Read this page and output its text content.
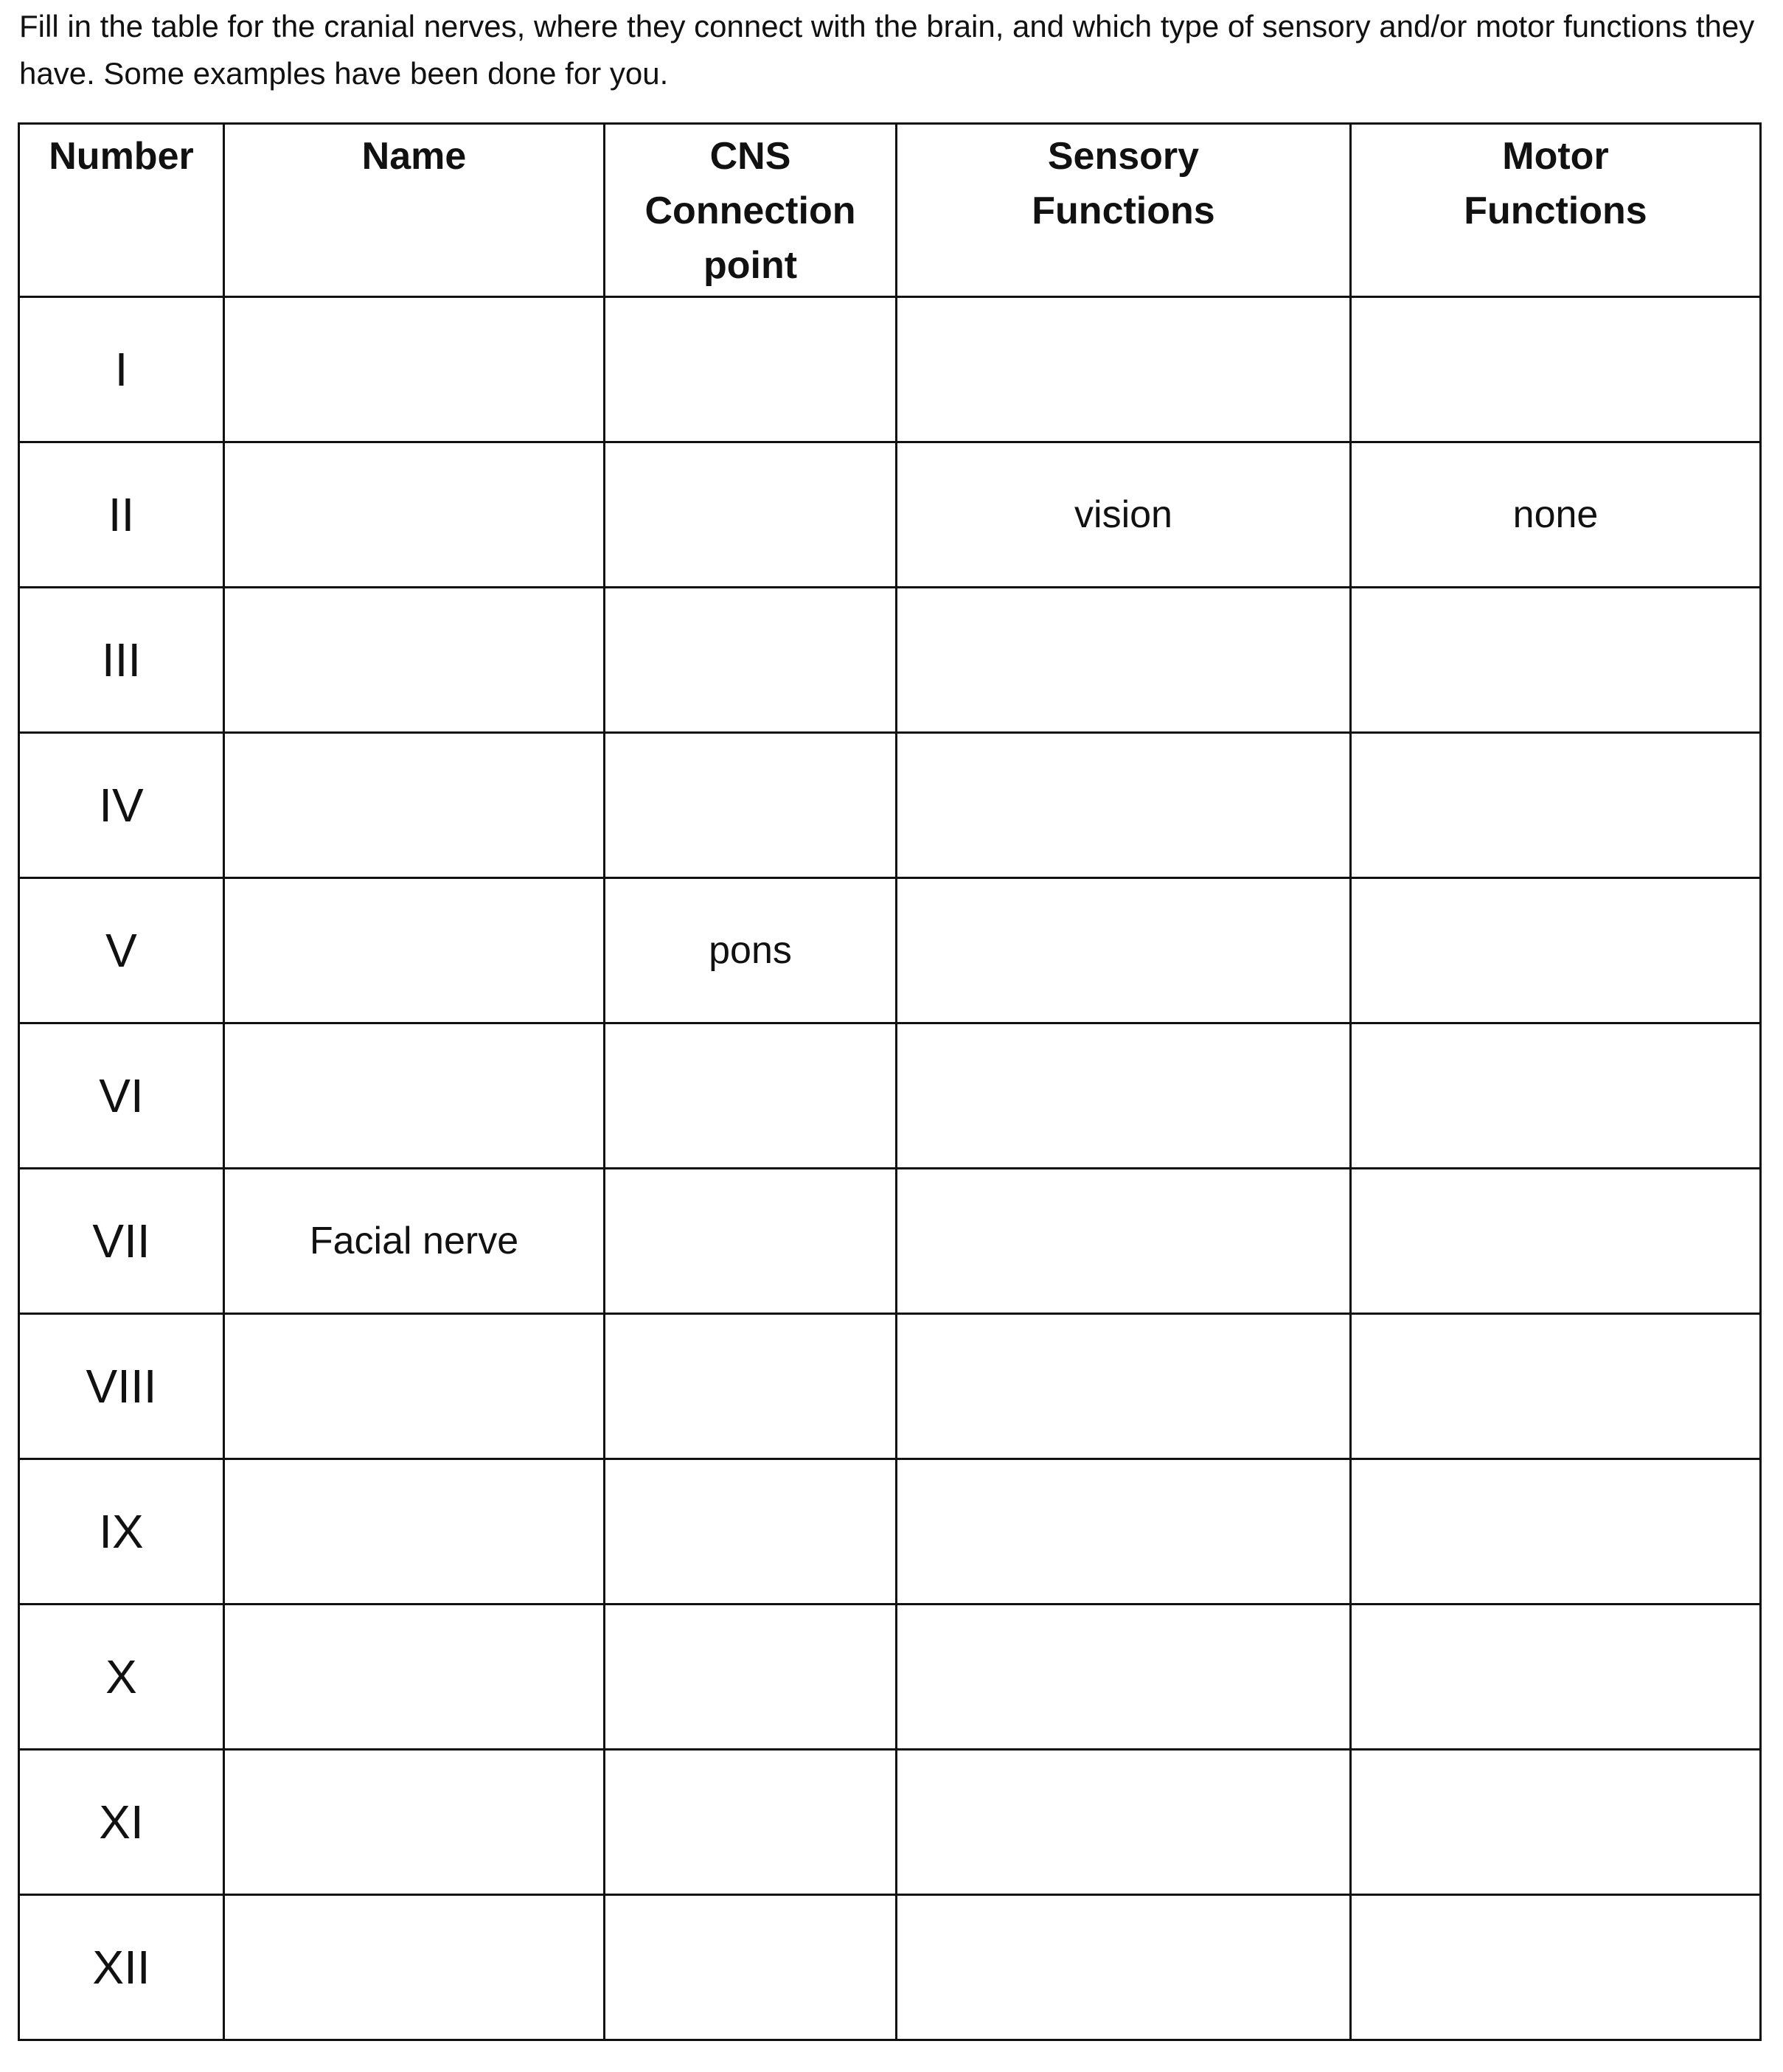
Fill in the table for the cranial nerves, where they connect with the brain, and which type of sensory and/or motor functions they have. Some examples have been done for you.

Number	Name	CNS Connection point	Sensory Functions	Motor Functions
I				
II			vision	none
III				
IV				
V		pons		
VI				
VII	Facial nerve			
VIII				
IX				
X				
XI				
XII				
